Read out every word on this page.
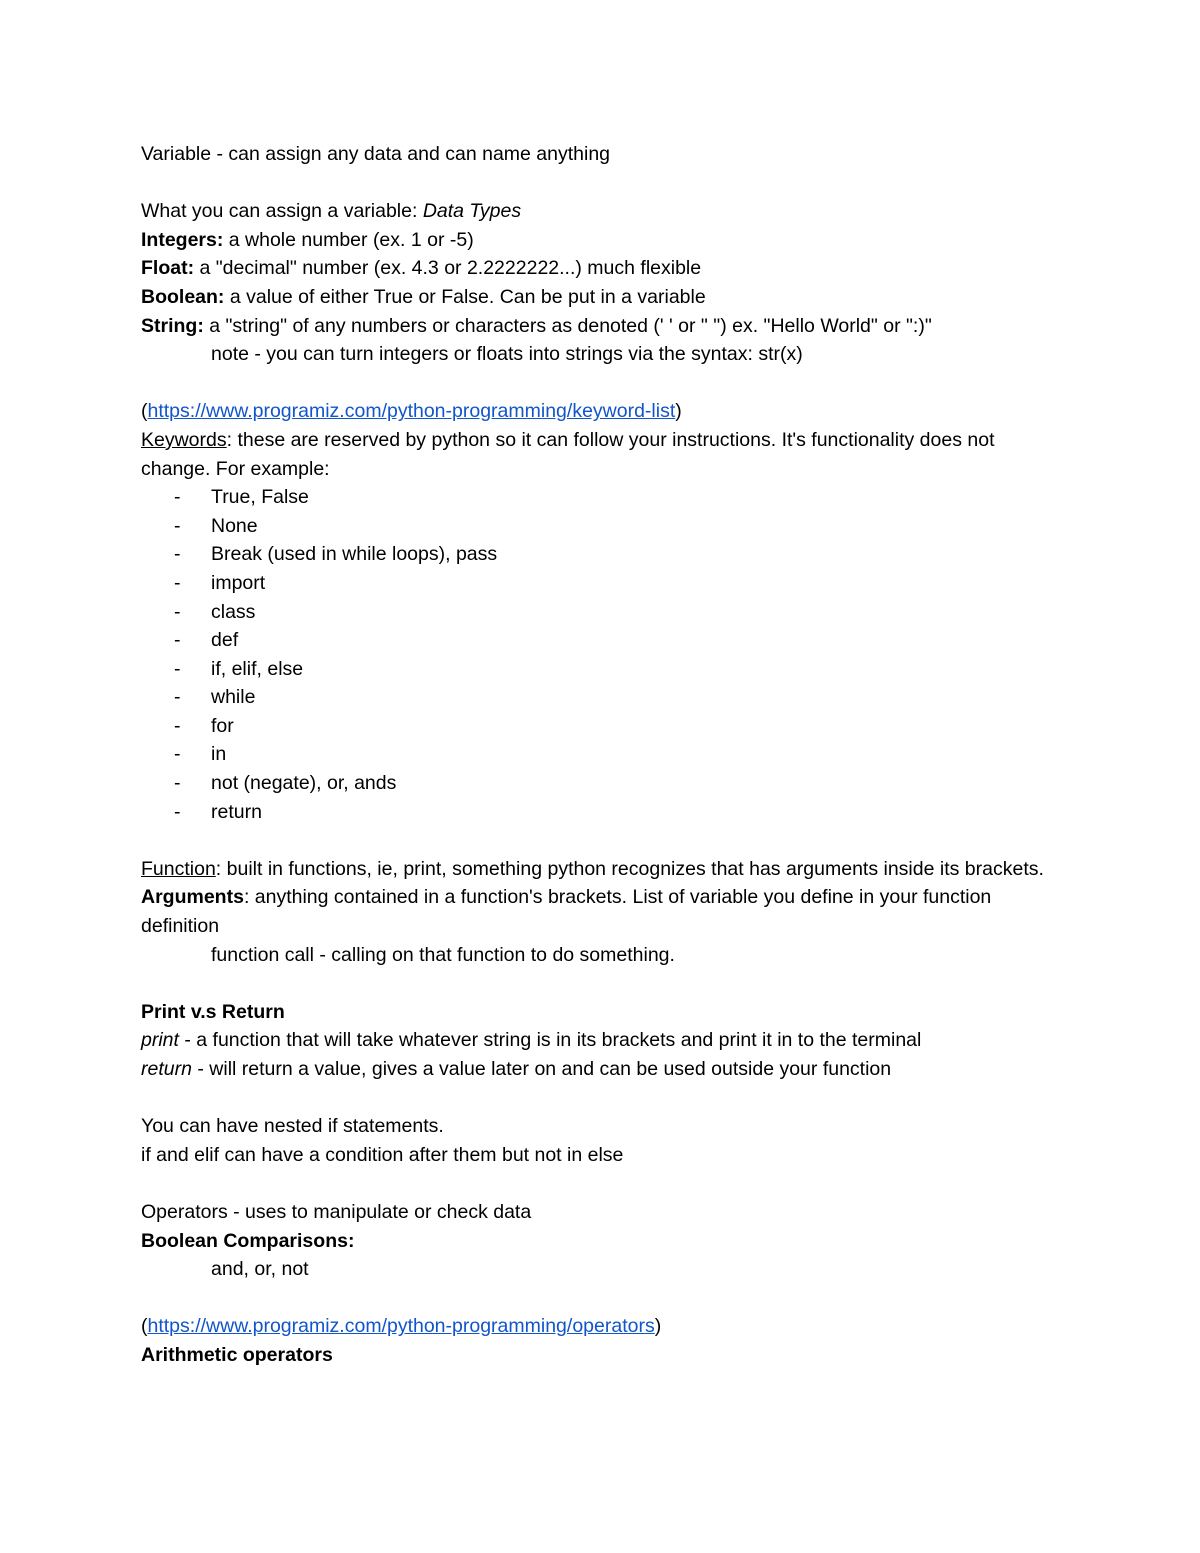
Variable - can assign any data and can name anything
What you can assign a variable: Data Types
Integers: a whole number (ex. 1 or -5)
Float: a "decimal" number (ex. 4.3 or 2.2222222...) much flexible
Boolean: a value of either True or False. Can be put in a variable
String: a "string" of any numbers or characters as denoted (' ' or " ") ex. "Hello World" or ":)"
note - you can turn integers or floats into strings via the syntax: str(x)
(https://www.programiz.com/python-programming/keyword-list)
Keywords: these are reserved by python so it can follow your instructions. It's functionality does not change. For example:
- True, False
- None
- Break (used in while loops), pass
- import
- class
- def
- if, elif, else
- while
- for
- in
- not (negate), or, ands
- return
Function: built in functions, ie, print, something python recognizes that has arguments inside its brackets.
Arguments: anything contained in a function's brackets. List of variable you define in your function definition
function call - calling on that function to do something.
Print v.s Return
print - a function that will take whatever string is in its brackets and print it in to the terminal
return - will return a value, gives a value later on and can be used outside your function
You can have nested if statements.
if and elif can have a condition after them but not in else
Operators - uses to manipulate or check data
Boolean Comparisons:
and, or, not
(https://www.programiz.com/python-programming/operators)
Arithmetic operators
